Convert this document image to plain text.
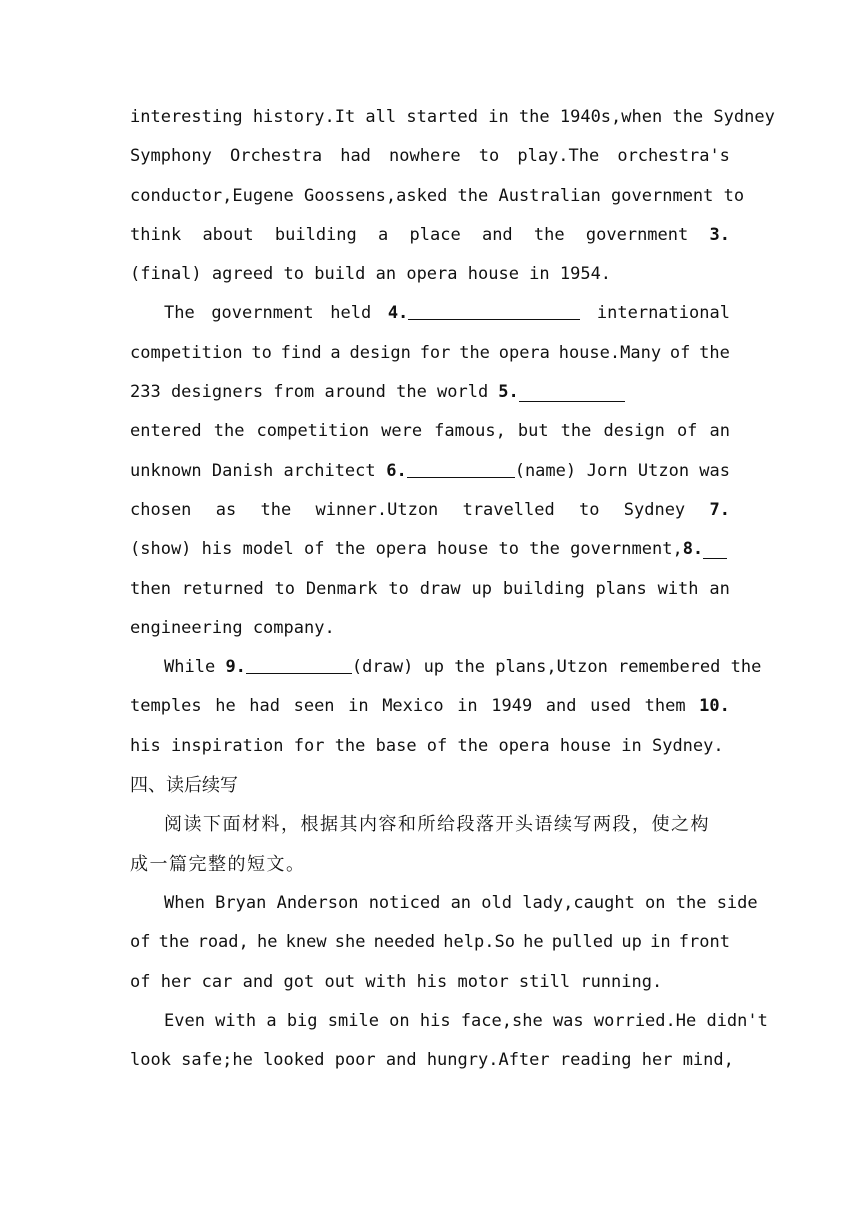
interesting history. It all started in the 1940s, when the Sydney
Symphony Orchestra had nowhere to play.The orchestra's
conductor, Eugene Goossens, asked the Australian government to
think about building a place and the government 3.
(final) agreed to build an opera house in 1954.
The government held 4.	international
competition to find a design for the opera house.Many of the
233 designers from around the world 5.
entered the competition were famous, but the design of an
unknown Danish architect 6.	(name) Jorn Utzon was
chosen as the winner.Utzon travelled to Sydney 7.
(show) his model of the opera house to the government, 8.
then returned to Denmark to draw up building plans with an
engineering company.
While 9.	(draw) up the plans, Utzon remembered the
temples he had seen in Mexico in 1949 and used them 10.
his inspiration for the base of the opera house in Sydney.
四、读后续写
阅读下面材料，根据其内容和所给段落开头语续写两段，使之构
成一篇完整的短文。
When Bryan Anderson noticed an old lady, caught on the side
of the road, he knew she needed help.So he pulled up in front
of her car and got out with his motor still running.
Even with a big smile on his face, she was worried.He didn't
look safe; he looked poor and hungry.After reading her mind,
